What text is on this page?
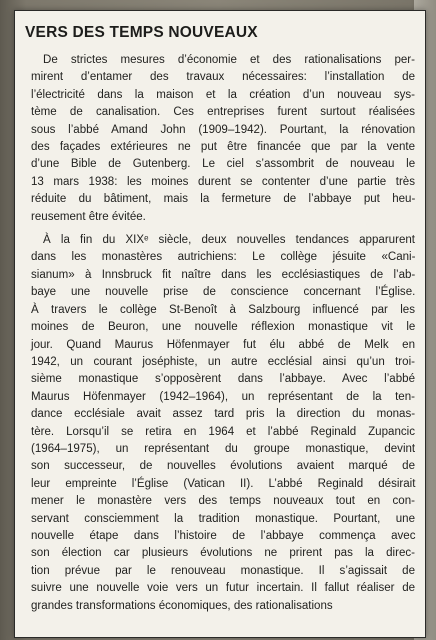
VERS DES TEMPS NOUVEAUX
De strictes mesures d’économie et des rationalisations per-
mirent d’entamer des travaux nécessaires: l’installation de
l’électricité dans la maison et la création d’un nouveau sys-
tème de canalisation. Ces entreprises furent surtout réalisées
sous l’abbé Amand John (1909–1942). Pourtant, la rénovation
des façades extérieures ne put être financée que par la vente
d’une Bible de Gutenberg. Le ciel s’assombrit de nouveau le
13 mars 1938: les moines durent se contenter d’une partie très
réduite du bâtiment, mais la fermeture de l’abbaye put heu-
reusement être évitée.
À la fin du XIXᵉ siècle, deux nouvelles tendances apparurent
dans les monastères autrichiens: Le collège jésuite «Cani-
sianum» à Innsbruck fit naître dans les ecclésiastiques de l’ab-
baye une nouvelle prise de conscience concernant l’Église.
À travers le collège St-Benoît à Salzbourg influencé par les
moines de Beuron, une nouvelle réflexion monastique vit le
jour. Quand Maurus Höfenmayer fut élu abbé de Melk en
1942, un courant joséphiste, un autre ecclésial ainsi qu’un troi-
sième monastique s’opposèrent dans l’abbaye. Avec l’abbé
Maurus Höfenmayer (1942–1964), un représentant de la ten-
dance ecclésiale avait assez tard pris la direction du monas-
tère. Lorsqu’il se retira en 1964 et l’abbé Reginald Zupancic
(1964–1975), un représentant du groupe monastique, devint
son successeur, de nouvelles évolutions avaient marqué de
leur empreinte l’Église (Vatican II). L’abbé Reginald désirait
mener le monastère vers des temps nouveaux tout en con-
servant consciemment la tradition monastique. Pourtant, une
nouvelle étape dans l’histoire de l’abbaye commença avec
son élection car plusieurs évolutions ne prirent pas la direc-
tion prévue par le renouveau monastique. Il s’agissait de
suivre une nouvelle voie vers un futur incertain. Il fallut réaliser de
grandes transformations économiques, des rationalisations
